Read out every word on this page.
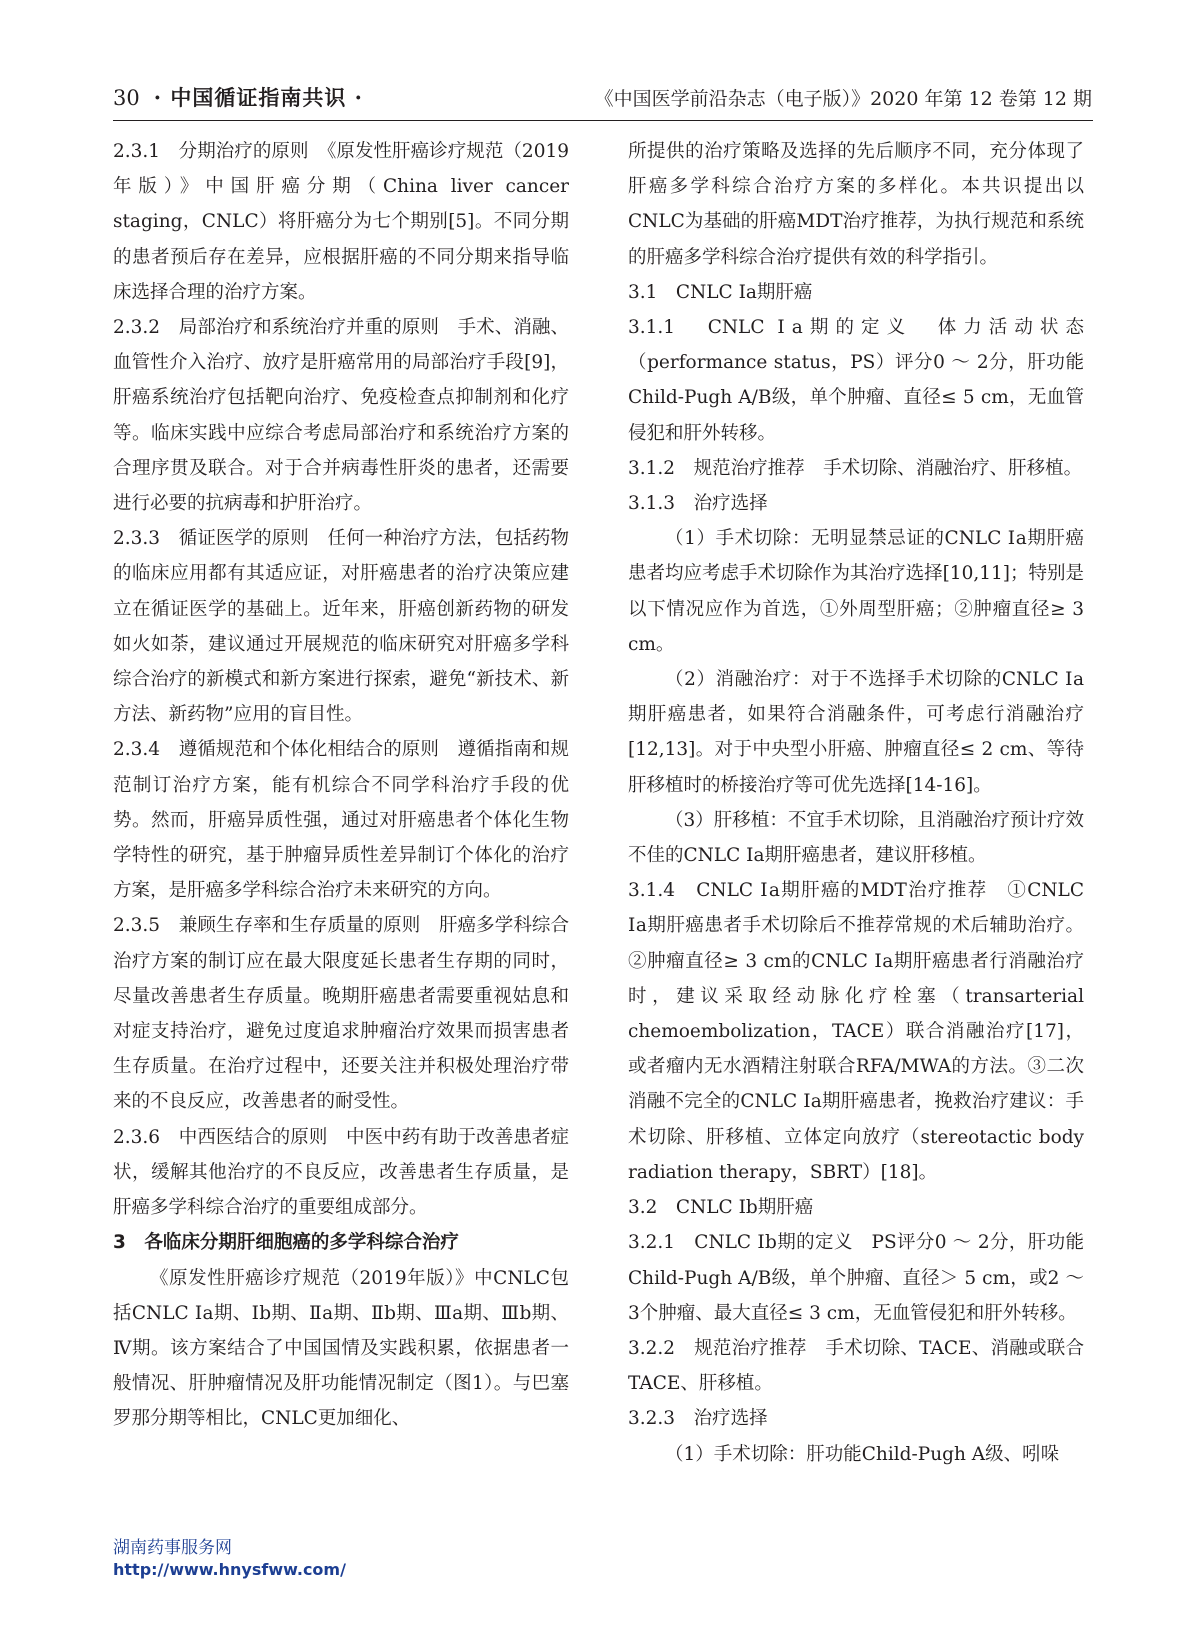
30 · 中国循证指南共识 ·	《中国医学前沿杂志（电子版）》2020 年第 12 卷第 12 期

2.3.1　分期治疗的原则　《原发性肝癌诊疗规范（2019年版）》中国肝癌分期（China liver cancer staging，CNLC）将肝癌分为七个期别[5]。不同分期的患者预后存在差异，应根据肝癌的不同分期来指导临床选择合理的治疗方案。

2.3.2　局部治疗和系统治疗并重的原则　手术、消融、血管性介入治疗、放疗是肝癌常用的局部治疗手段[9]，肝癌系统治疗包括靶向治疗、免疫检查点抑制剂和化疗等。临床实践中应综合考虑局部治疗和系统治疗方案的合理序贯及联合。对于合并病毒性肝炎的患者，还需要进行必要的抗病毒和护肝治疗。

2.3.3　循证医学的原则　任何一种治疗方法，包括药物的临床应用都有其适应证，对肝癌患者的治疗决策应建立在循证医学的基础上。近年来，肝癌创新药物的研发如火如荼，建议通过开展规范的临床研究对肝癌多学科综合治疗的新模式和新方案进行探索，避免“新技术、新方法、新药物”应用的盲目性。

2.3.4　遵循规范和个体化相结合的原则　遵循指南和规范制订治疗方案，能有机综合不同学科治疗手段的优势。然而，肝癌异质性强，通过对肝癌患者个体化生物学特性的研究，基于肿瘤异质性差异制订个体化的治疗方案，是肝癌多学科综合治疗未来研究的方向。

2.3.5　兼顾生存率和生存质量的原则　肝癌多学科综合治疗方案的制订应在最大限度延长患者生存期的同时，尽量改善患者生存质量。晚期肝癌患者需要重视姑息和对症支持治疗，避免过度追求肿瘤治疗效果而损害患者生存质量。在治疗过程中，还要关注并积极处理治疗带来的不良反应，改善患者的耐受性。

2.3.6　中西医结合的原则　中医中药有助于改善患者症状，缓解其他治疗的不良反应，改善患者生存质量，是肝癌多学科综合治疗的重要组成部分。

3　各临床分期肝细胞癌的多学科综合治疗

《原发性肝癌诊疗规范（2019年版）》中CNLC包括CNLC Ⅰa期、Ⅰb期、Ⅱa期、Ⅱb期、Ⅲa期、Ⅲb期、Ⅳ期。该方案结合了中国国情及实践积累，依据患者一般情况、肝肿瘤情况及肝功能情况制定（图1）。与巴塞罗那分期等相比，CNLC更加细化、

所提供的治疗策略及选择的先后顺序不同，充分体现了肝癌多学科综合治疗方案的多样化。本共识提出以CNLC为基础的肝癌MDT治疗推荐，为执行规范和系统的肝癌多学科综合治疗提供有效的科学指引。

3.1　CNLC Ⅰa期肝癌

3.1.1　CNLC Ⅰa期的定义　体力活动状态（performance status，PS）评分0 ～ 2分，肝功能Child-Pugh A/B级，单个肿瘤、直径≤ 5 cm，无血管侵犯和肝外转移。

3.1.2　规范治疗推荐　手术切除、消融治疗、肝移植。

3.1.3　治疗选择

（1）手术切除：无明显禁忌证的CNLC Ⅰa期肝癌患者均应考虑手术切除作为其治疗选择[10,11]；特别是以下情况应作为首选，①外周型肝癌；②肿瘤直径≥ 3 cm。

（2）消融治疗：对于不选择手术切除的CNLC Ⅰa期肝癌患者，如果符合消融条件，可考虑行消融治疗[12,13]。对于中央型小肝癌、肿瘤直径≤ 2 cm、等待肝移植时的桥接治疗等可优先选择[14-16]。

（3）肝移植：不宜手术切除，且消融治疗预计疗效不佳的CNLC Ⅰa期肝癌患者，建议肝移植。

3.1.4　CNLC Ⅰa期肝癌的MDT治疗推荐　①CNLC Ⅰa期肝癌患者手术切除后不推荐常规的术后辅助治疗。②肿瘤直径≥ 3 cm的CNLC Ⅰa期肝癌患者行消融治疗时，建议采取经动脉化疗栓塞（transarterial chemoembolization，TACE）联合消融治疗[17]，或者瘤内无水酒精注射联合RFA/MWA的方法。③二次消融不完全的CNLC Ⅰa期肝癌患者，挽救治疗建议：手术切除、肝移植、立体定向放疗（stereotactic body radiation therapy，SBRT）[18]。

3.2　CNLC Ⅰb期肝癌

3.2.1　CNLC Ⅰb期的定义　PS评分0 ～ 2分，肝功能Child-Pugh A/B级，单个肿瘤、直径＞ 5 cm，或2 ～ 3个肿瘤、最大直径≤ 3 cm，无血管侵犯和肝外转移。

3.2.2　规范治疗推荐　手术切除、TACE、消融或联合TACE、肝移植。

3.2.3　治疗选择

（1）手术切除：肝功能Child-Pugh A级、吲哚

湖南药事服务网
http://www.hnysfww.com/
